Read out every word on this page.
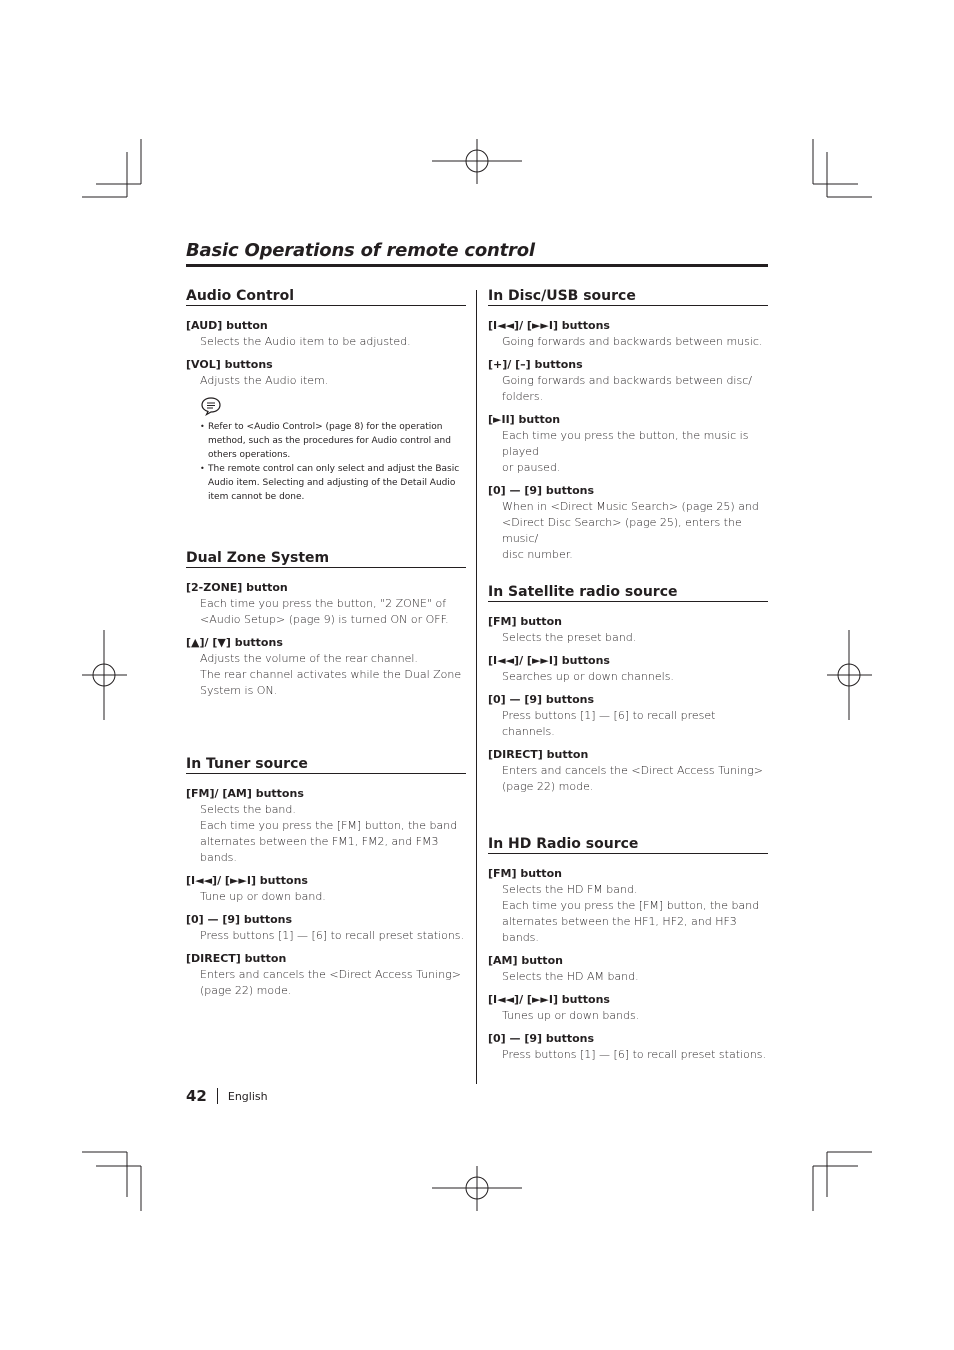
Basic Operations of remote control
Audio Control
[AUD] button
Selects the Audio item to be adjusted.
[VOL] buttons
Adjusts the Audio item.
• Refer to <Audio Control> (page 8) for the operation
method, such as the procedures for Audio control and
others operations.
• The remote control can only select and adjust the Basic
Audio item. Selecting and adjusting of the Detail Audio
item cannot be done.
Dual Zone System
[2-ZONE] button
Each time you press the button, "2 ZONE" of
<Audio Setup> (page 9) is turned ON or OFF.
[▲]/ [▼] buttons
Adjusts the volume of the rear channel.
The rear channel activates while the Dual Zone
System is ON.
In Tuner source
[FM]/ [AM] buttons
Selects the band.
Each time you press the [FM] button, the band
alternates between the FM1, FM2, and FM3 bands.
[I◄◄]/ [►►I] buttons
Tune up or down band.
[0] — [9] buttons
Press buttons [1] — [6] to recall preset stations.
[DIRECT] button
Enters and cancels the <Direct Access Tuning>
(page 22) mode.
In Disc/USB source
[I◄◄]/ [►►I] buttons
Going forwards and backwards between music.
[+]/ [–] buttons
Going forwards and backwards between disc/
folders.
[►II] button
Each time you press the button, the music is played
or paused.
[0] — [9] buttons
When in <Direct Music Search> (page 25) and
<Direct Disc Search> (page 25), enters the music/
disc number.
In Satellite radio source
[FM] button
Selects the preset band.
[I◄◄]/ [►►I] buttons
Searches up or down channels.
[0] — [9] buttons
Press buttons [1] — [6] to recall preset channels.
[DIRECT] button
Enters and cancels the <Direct Access Tuning>
(page 22) mode.
In HD Radio source
[FM] button
Selects the HD FM band.
Each time you press the [FM] button, the band
alternates between the HF1, HF2, and HF3 bands.
[AM] button
Selects the HD AM band.
[I◄◄]/ [►►I] buttons
Tunes up or down bands.
[0] — [9] buttons
Press buttons [1] — [6] to recall preset stations.
42 English
